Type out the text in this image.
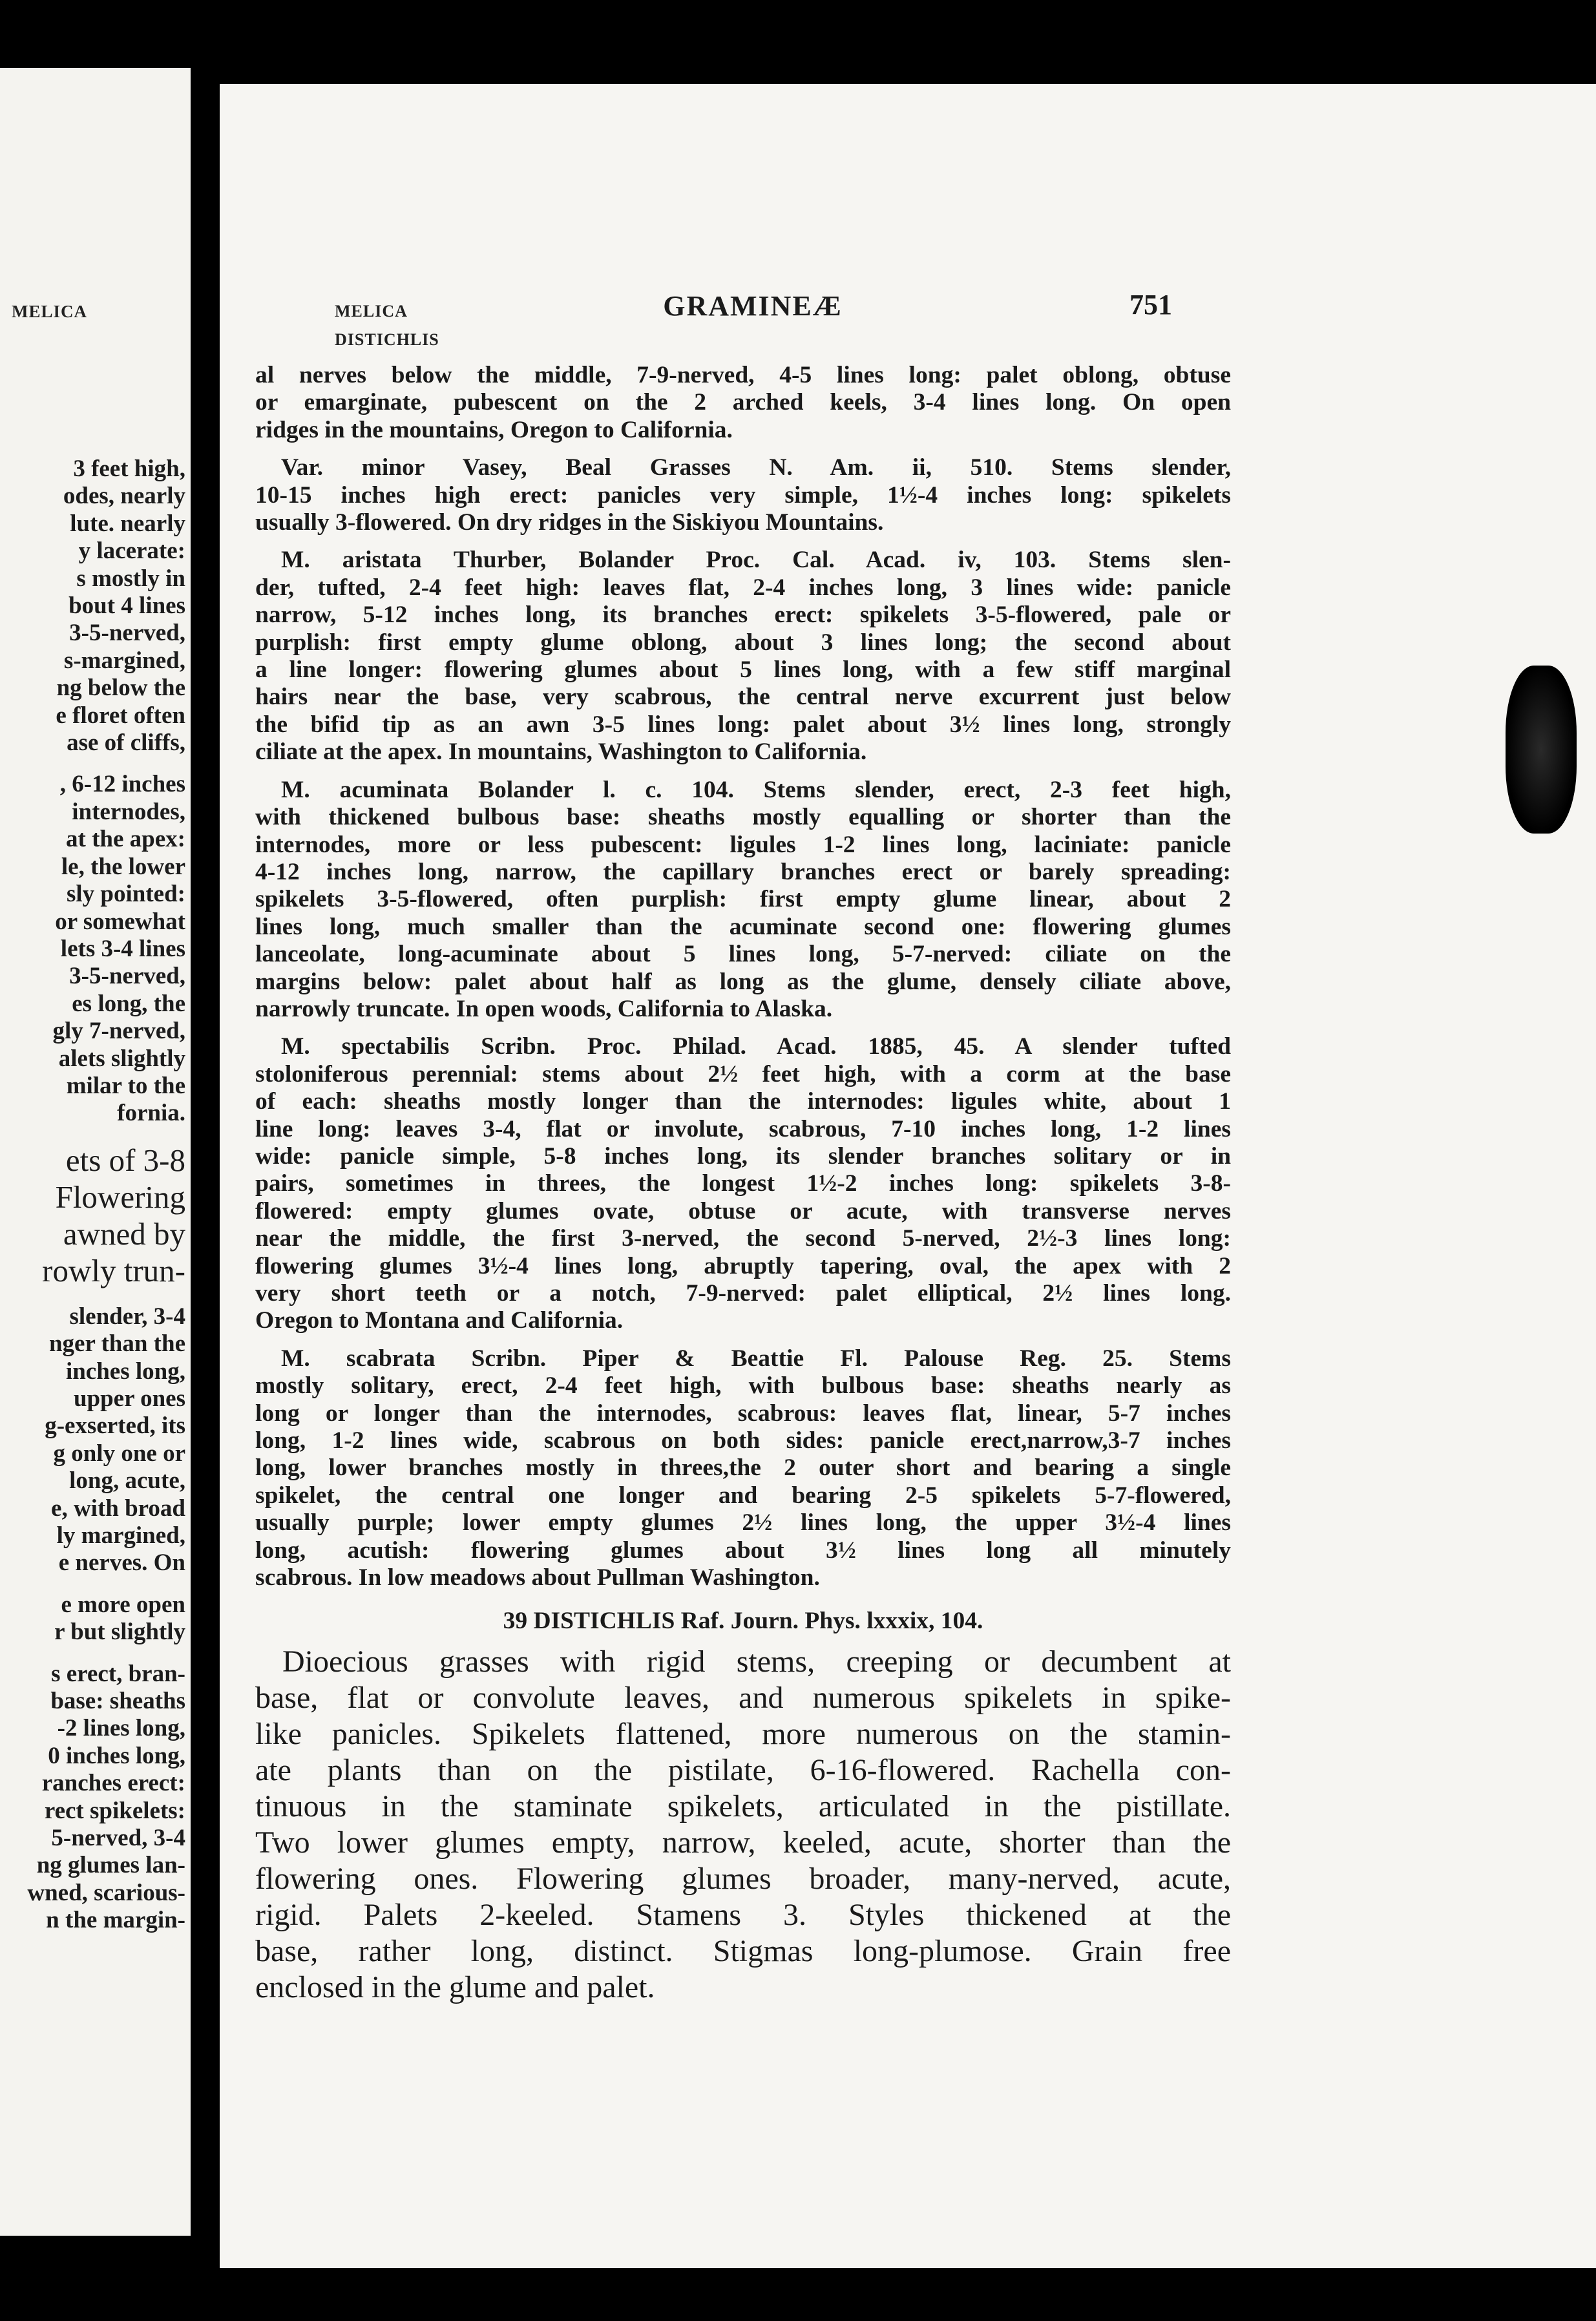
MELICA
3 feet high,
odes, nearly
lute. nearly
y lacerate:
s mostly in
bout 4 lines
3-5-nerved,
s-margined,
ng below the
e floret often
ase of cliffs,
, 6-12 inches
internodes,
at the apex:
le, the lower
sly pointed:
or somewhat
lets 3-4 lines
3-5-nerved,
es long, the
gly 7-nerved,
alets slightly
milar to the
fornia.
ets of 3-8
Flowering
awned by
rowly trun-
slender, 3-4
nger than the
inches long,
upper ones
g-exserted, its
g only one or
long, acute,
e, with broad
ly margined,
e nerves. On
e more open
r but slightly
s erect, bran-
base: sheaths
-2 lines long,
0 inches long,
ranches erect:
rect spikelets:
5-nerved, 3-4
ng glumes lan-
wned, scarious-
n the margin-
MELICA
DISTICHLIS
GRAMINEÆ	751
al nerves below the middle, 7-9-nerved, 4-5 lines long: palet oblong, obtuse
or emarginate, pubescent on the 2 arched keels, 3-4 lines long. On open
ridges in the mountains, Oregon to California.
Var. minor Vasey, Beal Grasses N. Am. ii, 510. Stems slender,
10-15 inches high erect: panicles very simple, 1½-4 inches long: spikelets
usually 3-flowered. On dry ridges in the Siskiyou Mountains.
M. aristata Thurber, Bolander Proc. Cal. Acad. iv, 103. Stems slen-
der, tufted, 2-4 feet high: leaves flat, 2-4 inches long, 3 lines wide: panicle
narrow, 5-12 inches long, its branches erect: spikelets 3-5-flowered, pale or
purplish: first empty glume oblong, about 3 lines long; the second about
a line longer: flowering glumes about 5 lines long, with a few stiff marginal
hairs near the base, very scabrous, the central nerve excurrent just below
the bifid tip as an awn 3-5 lines long: palet about 3½ lines long, strongly
ciliate at the apex. In mountains, Washington to California.
M. acuminata Bolander l. c. 104. Stems slender, erect, 2-3 feet high,
with thickened bulbous base: sheaths mostly equalling or shorter than the
internodes, more or less pubescent: ligules 1-2 lines long, laciniate: panicle
4-12 inches long, narrow, the capillary branches erect or barely spreading:
spikelets 3-5-flowered, often purplish: first empty glume linear, about 2
lines long, much smaller than the acuminate second one: flowering glumes
lanceolate, long-acuminate about 5 lines long, 5-7-nerved: ciliate on the
margins below: palet about half as long as the glume, densely ciliate above,
narrowly truncate. In open woods, California to Alaska.
M. spectabilis Scribn. Proc. Philad. Acad. 1885, 45. A slender tufted
stoloniferous perennial: stems about 2½ feet high, with a corm at the base
of each: sheaths mostly longer than the internodes: ligules white, about 1
line long: leaves 3-4, flat or involute, scabrous, 7-10 inches long, 1-2 lines
wide: panicle simple, 5-8 inches long, its slender branches solitary or in
pairs, sometimes in threes, the longest 1½-2 inches long: spikelets 3-8-
flowered: empty glumes ovate, obtuse or acute, with transverse nerves
near the middle, the first 3-nerved, the second 5-nerved, 2½-3 lines long:
flowering glumes 3½-4 lines long, abruptly tapering, oval, the apex with 2
very short teeth or a notch, 7-9-nerved: palet elliptical, 2½ lines long.
Oregon to Montana and California.
M. scabrata Scribn. Piper & Beattie Fl. Palouse Reg. 25. Stems
mostly solitary, erect, 2-4 feet high, with bulbous base: sheaths nearly as
long or longer than the internodes, scabrous: leaves flat, linear, 5-7 inches
long, 1-2 lines wide, scabrous on both sides: panicle erect,narrow,3-7 inches
long, lower branches mostly in threes,the 2 outer short and bearing a single
spikelet, the central one longer and bearing 2-5 spikelets 5-7-flowered,
usually purple; lower empty glumes 2½ lines long, the upper 3½-4 lines
long, acutish: flowering glumes about 3½ lines long all minutely
scabrous. In low meadows about Pullman Washington.
39 DISTICHLIS Raf. Journ. Phys. lxxxix, 104.
Dioecious grasses with rigid stems, creeping or decumbent at
base, flat or convolute leaves, and numerous spikelets in spike-
like panicles. Spikelets flattened, more numerous on the stamin-
ate plants than on the pistilate, 6-16-flowered. Rachella con-
tinuous in the staminate spikelets, articulated in the pistillate.
Two lower glumes empty, narrow, keeled, acute, shorter than the
flowering ones. Flowering glumes broader, many-nerved, acute,
rigid. Palets 2-keeled. Stamens 3. Styles thickened at the
base, rather long, distinct. Stigmas long-plumose. Grain free
enclosed in the glume and palet.
